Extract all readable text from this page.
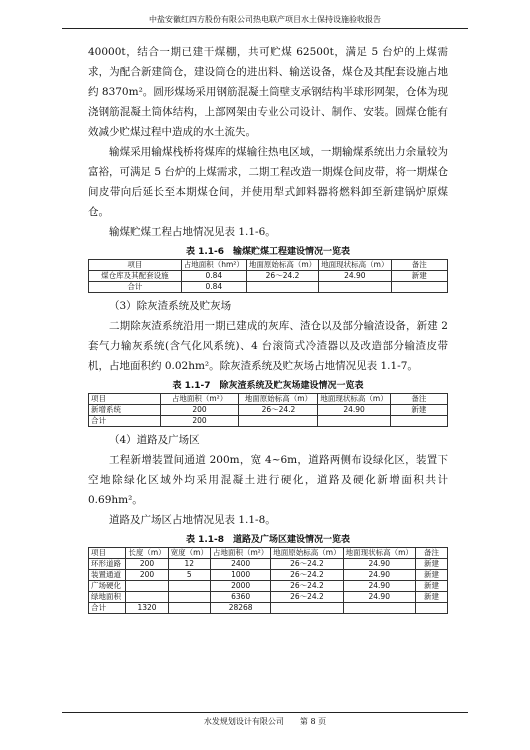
中盐安徽红四方股份有限公司热电联产项目水土保持设施验收报告

40000t，结合一期已建干煤棚，共可贮煤 62500t，满足 5 台炉的上煤需求，为配合新建筒仓，建设筒仓的进出料、输送设备，煤仓及其配套设施占地约 8370m²。圆形煤场采用钢筋混凝土筒壁支承钢结构半球形网架，仓体为现浇钢筋混凝土筒体结构，上部网架由专业公司设计、制作、安装。圆煤仓能有效减少贮煤过程中造成的水土流失。

输煤采用输煤栈桥将煤库的煤输往热电区域，一期输煤系统出力余量较为富裕，可满足 5 台炉的上煤需求，二期工程改造一期煤仓间皮带，将一期煤仓间皮带向后延长至本期煤仓间，并使用犁式卸料器将燃料卸至新建锅炉原煤仓。

输煤贮煤工程占地情况见表 1.1-6。

表 1.1-6　输煤贮煤工程建设情况一览表
项目	占地面积（hm²）	地面原始标高（m）	地面现状标高（m）	备注
煤仓库及其配套设施	0.84	26～24.2	24.90	新建
合计	0.84			

（3）除灰渣系统及贮灰场

二期除灰渣系统沿用一期已建成的灰库、渣仓以及部分输渣设备，新建 2 套气力输灰系统(含气化风系统)、4 台滚筒式冷渣器以及改造部分输渣皮带机，占地面积约 0.02hm²。除灰渣系统及贮灰场占地情况见表 1.1-7。

表 1.1-7　除灰渣系统及贮灰场建设情况一览表
项目	占地面积（m²）	地面原始标高（m）	地面现状标高（m）	备注
新增系统	200	26～24.2	24.90	新建
合计	200			

（4）道路及广场区

工程新增装置间通道 200m，宽 4~6m，道路两侧布设绿化区，装置下空地除绿化区域外均采用混凝土进行硬化，道路及硬化新增面积共计 0.69hm²。

道路及广场区占地情况见表 1.1-8。

表 1.1-8　道路及广场区建设情况一览表
项目	长度（m）	宽度（m）	占地面积（m²）	地面原始标高（m）	地面现状标高（m）	备注
环形道路	200	12	2400	26～24.2	24.90	新建
装置通道	200	5	1000	26～24.2	24.90	新建
广场硬化			2000	26～24.2	24.90	新建
绿地面积			6360	26～24.2	24.90	新建
合计	1320		28268			
水发规划设计有限公司　　第 8 页
